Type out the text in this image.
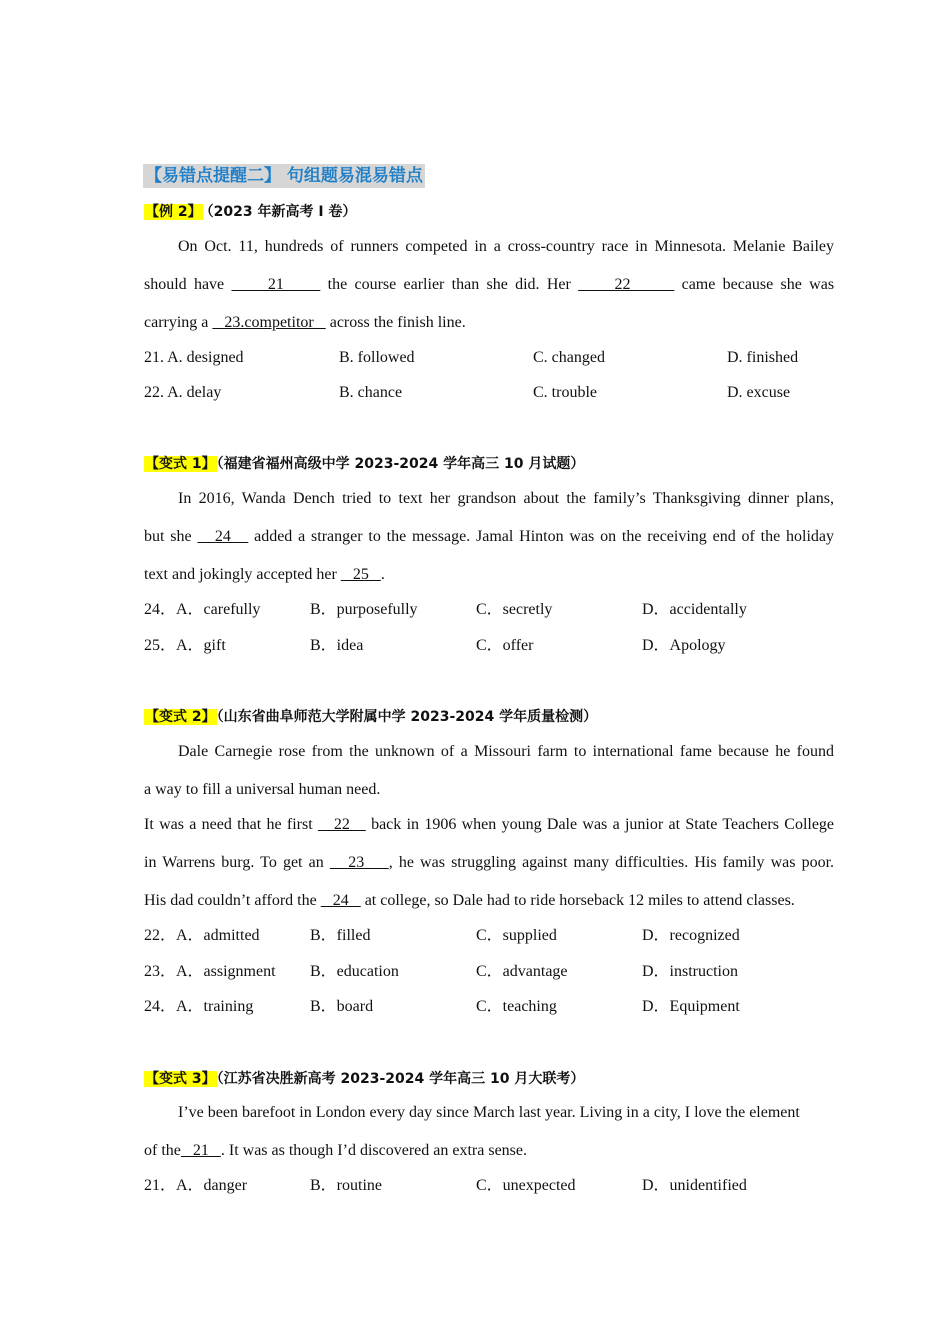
【易错点提醒二】 句组题易混易错点
【例 2】 （2023 年新高考 I 卷）
On Oct. 11, hundreds of runners competed in a cross-country race in Minnesota. Melanie Bailey
should have      21      the course earlier than she did. Her      22       came because she was
carrying a    23.competitor    across the finish line.
21. A. designed	B. followed	C. changed	D. finished
22. A. delay	B. chance	C. trouble	D. excuse
【变式 1】（福建省福州高级中学 2023-2024 学年高三 10 月试题）
In 2016, Wanda Dench tried to text her grandson about the family’s Thanksgiving dinner plans,
but she    24    added a stranger to the message. Jamal Hinton was on the receiving end of the holiday
text and jokingly accepted her    25   .
24．A．carefully	B．purposefully	C．secretly	D．accidentally
25．A．gift	B．idea	C．offer	D．Apology
【变式 2】（山东省曲阜师范大学附属中学 2023-2024 学年质量检测）
Dale Carnegie rose from the unknown of a Missouri farm to international fame because he found
a way to fill a universal human need.
It was a need that he first    22    back in 1906 when young Dale was a junior at State Teachers College
in Warrens burg. To get an    23    , he was struggling against many difficulties. His family was poor.
His dad couldn’t afford the    24    at college, so Dale had to ride horseback 12 miles to attend classes.
22．A．admitted	B．filled	C．supplied	D．recognized
23．A．assignment B．education	C．advantage	D．instruction
24．A．training	B．board	C．teaching	D．Equipment
【变式 3】（江苏省决胜新高考 2023-2024 学年高三 10 月大联考）
I’ve been barefoot in London every day since March last year. Living in a city, I love the element
of the   21   . It was as though I’d discovered an extra sense.
21．A．danger	B．routine	C．unexpected	D．unidentified
